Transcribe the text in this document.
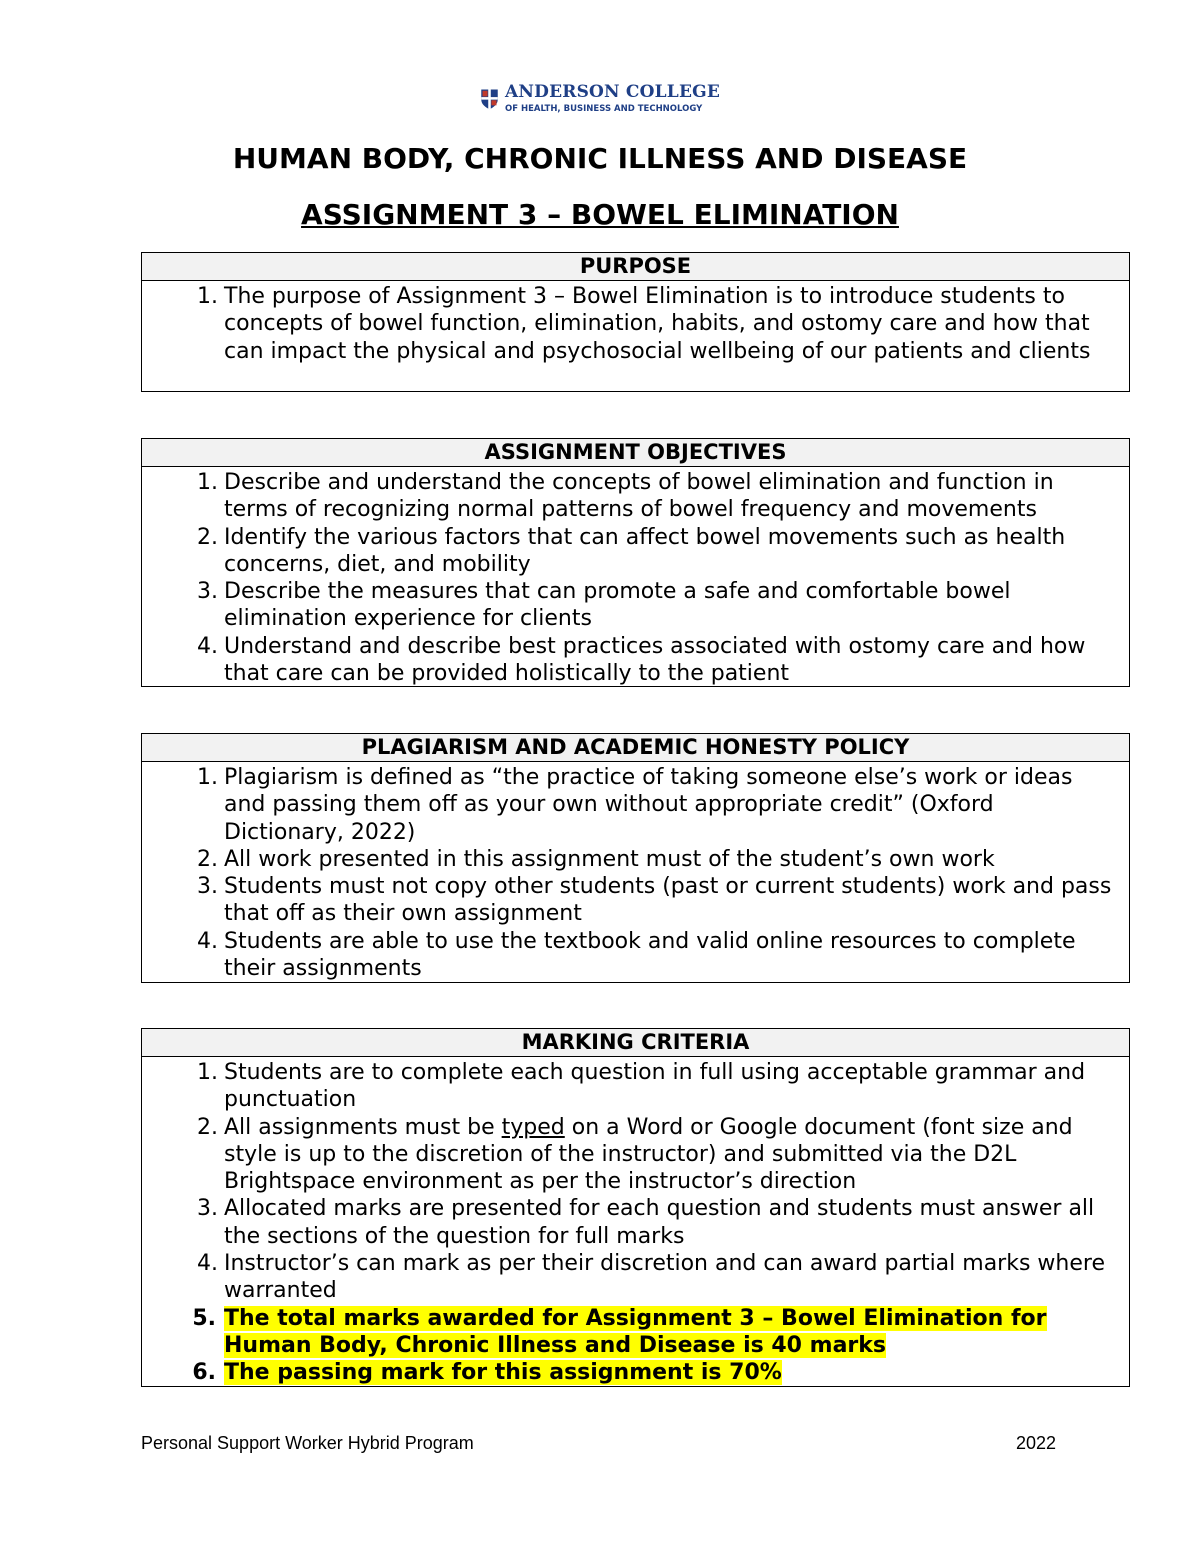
ANDERSON COLLEGE
OF HEALTH, BUSINESS AND TECHNOLOGY
HUMAN BODY, CHRONIC ILLNESS AND DISEASE
ASSIGNMENT 3 – BOWEL ELIMINATION
PURPOSE
1. The purpose of Assignment 3 – Bowel Elimination is to introduce students to concepts of bowel function, elimination, habits, and ostomy care and how that can impact the physical and psychosocial wellbeing of our patients and clients
ASSIGNMENT OBJECTIVES
1. Describe and understand the concepts of bowel elimination and function in terms of recognizing normal patterns of bowel frequency and movements
2. Identify the various factors that can affect bowel movements such as health concerns, diet, and mobility
3. Describe the measures that can promote a safe and comfortable bowel elimination experience for clients
4. Understand and describe best practices associated with ostomy care and how that care can be provided holistically to the patient
PLAGIARISM AND ACADEMIC HONESTY POLICY
1. Plagiarism is defined as “the practice of taking someone else’s work or ideas and passing them off as your own without appropriate credit” (Oxford Dictionary, 2022)
2. All work presented in this assignment must of the student’s own work
3. Students must not copy other students (past or current students) work and pass that off as their own assignment
4. Students are able to use the textbook and valid online resources to complete their assignments
MARKING CRITERIA
1. Students are to complete each question in full using acceptable grammar and punctuation
2. All assignments must be typed on a Word or Google document (font size and style is up to the discretion of the instructor) and submitted via the D2L Brightspace environment as per the instructor’s direction
3. Allocated marks are presented for each question and students must answer all the sections of the question for full marks
4. Instructor’s can mark as per their discretion and can award partial marks where warranted
5. The total marks awarded for Assignment 3 – Bowel Elimination for Human Body, Chronic Illness and Disease is 40 marks
6. The passing mark for this assignment is 70%
Personal Support Worker Hybrid Program	2022
